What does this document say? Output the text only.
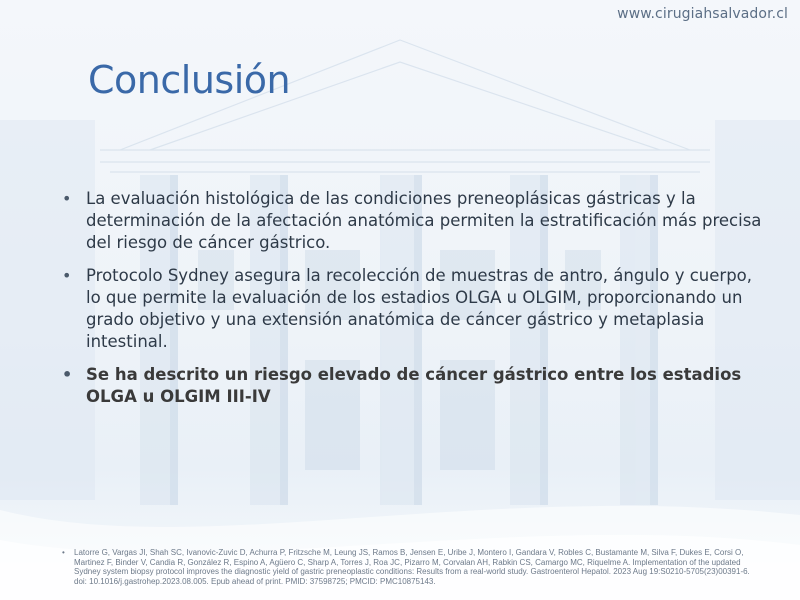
www.cirugiahsalvador.cl
Conclusión
• La evaluación histológica de las condiciones preneoplásicas gástricas y la determinación de la afectación anatómica permiten la estratificación más precisa del riesgo de cáncer gástrico.
• Protocolo Sydney asegura la recolección de muestras de antro, ángulo y cuerpo, lo que permite la evaluación de los estadios OLGA u OLGIM, proporcionando un grado objetivo y una extensión anatómica de cáncer gástrico y metaplasia intestinal.
• Se ha descrito un riesgo elevado de cáncer gástrico entre los estadios OLGA u OLGIM III-IV
• Latorre G, Vargas JI, Shah SC, Ivanovic-Zuvic D, Achurra P, Fritzsche M, Leung JS, Ramos B, Jensen E, Uribe J, Montero I, Gandara V, Robles C, Bustamante M, Silva F, Dukes E, Corsi O, Martinez F, Binder V, Candia R, González R, Espino A, Agüero C, Sharp A, Torres J, Roa JC, Pizarro M, Corvalan AH, Rabkin CS, Camargo MC, Riquelme A. Implementation of the updated Sydney system biopsy protocol improves the diagnostic yield of gastric preneoplastic conditions: Results from a real-world study. Gastroenterol Hepatol. 2023 Aug 19:S0210-5705(23)00391-6. doi: 10.1016/j.gastrohep.2023.08.005. Epub ahead of print. PMID: 37598725; PMCID: PMC10875143.
